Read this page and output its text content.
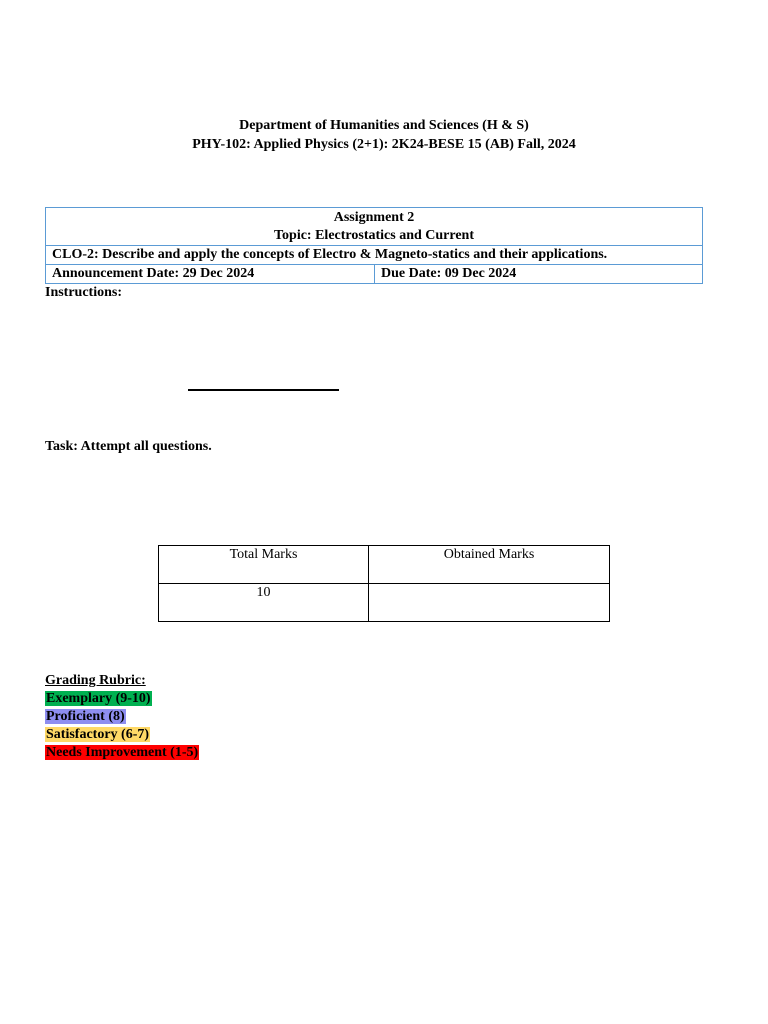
Department of Humanities and Sciences (H & S)
PHY-102: Applied Physics (2+1): 2K24-BESE 15 (AB) Fall, 2024
Assignment 2
Topic: Electrostatics and Current

CLO-2: Describe and apply the concepts of Electro & Magneto-statics and their applications.
Announcement Date: 29 Dec 2024	Due Date: 09 Dec 2024
Instructions:
Task: Attempt all questions.
Total Marks	Obtained Marks
10	
Grading Rubric:
Exemplary (9-10)
Proficient (8)
Satisfactory (6-7)
Needs Improvement (1-5)
